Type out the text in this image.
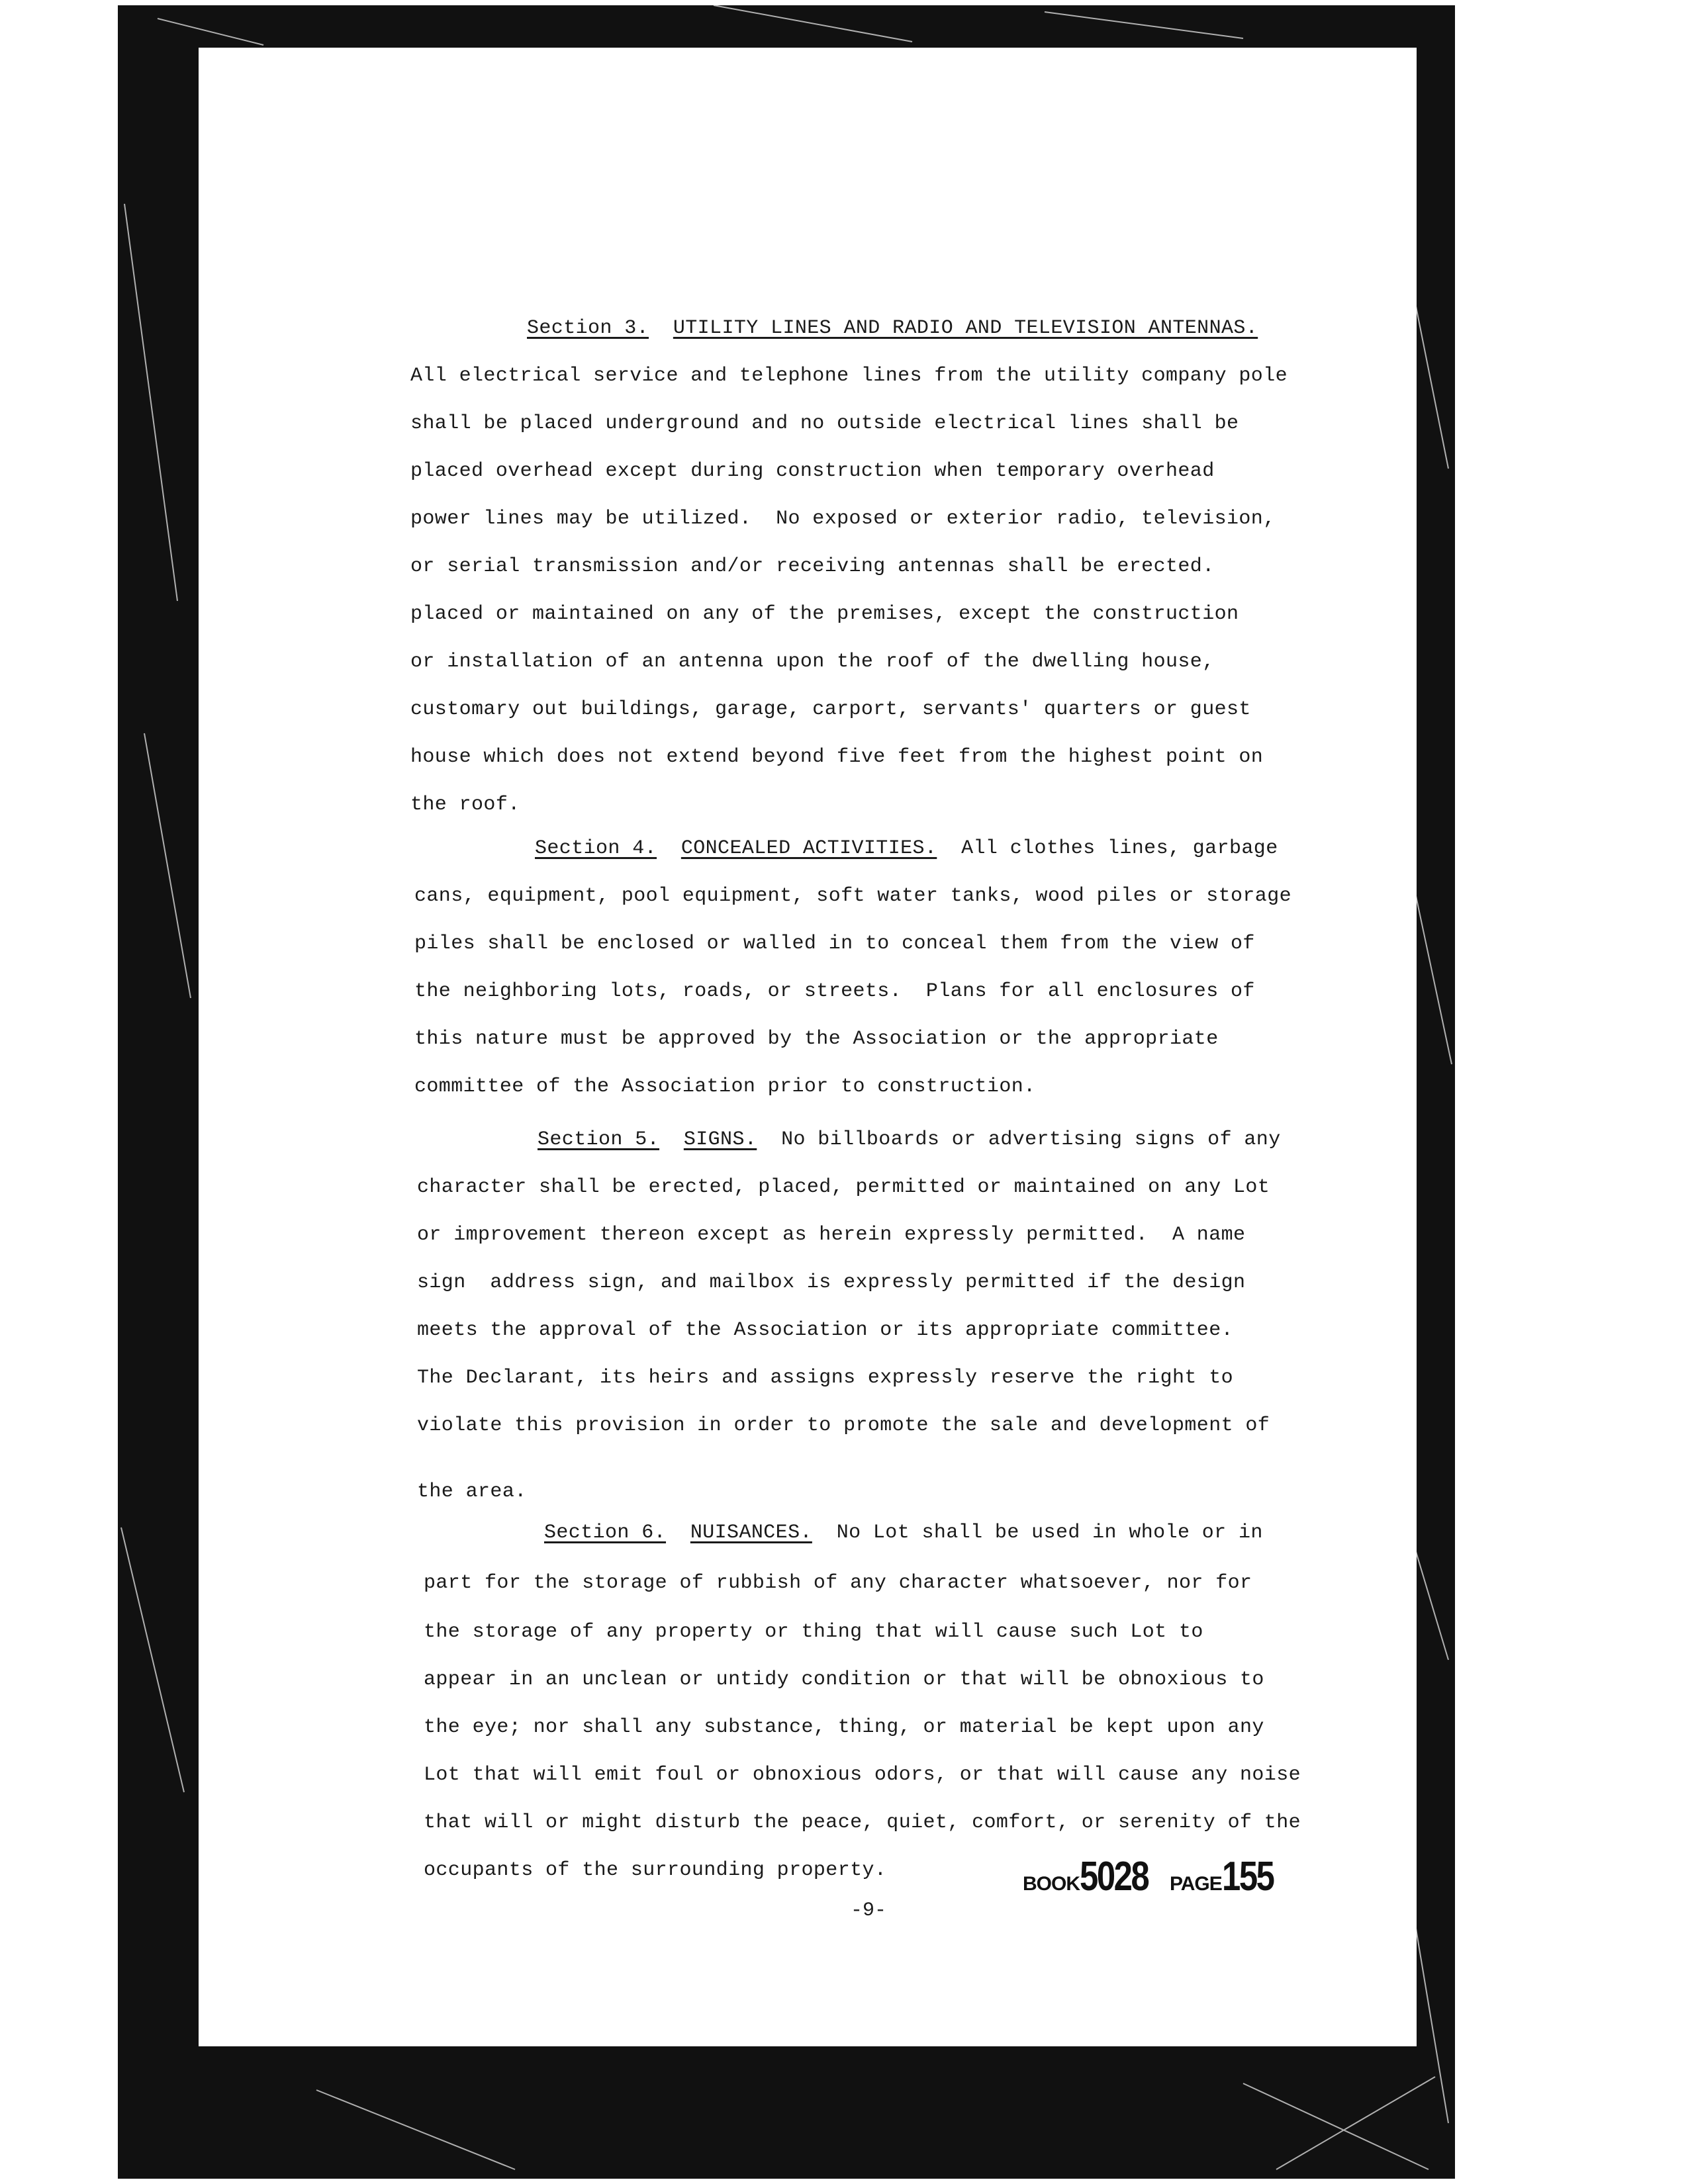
Section 3. UTILITY LINES AND RADIO AND TELEVISION ANTENNAS.
All electrical service and telephone lines from the utility company pole
shall be placed underground and no outside electrical lines shall be
placed overhead except during construction when temporary overhead
power lines may be utilized.  No exposed or exterior radio, television,
or serial transmission and/or receiving antennas shall be erected.
placed or maintained on any of the premises, except the construction
or installation of an antenna upon the roof of the dwelling house,
customary out buildings, garage, carport, servants' quarters or guest
house which does not extend beyond five feet from the highest point on
the roof.
Section 4. CONCEALED ACTIVITIES. All clothes lines, garbage
cans, equipment, pool equipment, soft water tanks, wood piles or storage
piles shall be enclosed or walled in to conceal them from the view of
the neighboring lots, roads, or streets.  Plans for all enclosures of
this nature must be approved by the Association or the appropriate
committee of the Association prior to construction.
Section 5. SIGNS. No billboards or advertising signs of any
character shall be erected, placed, permitted or maintained on any Lot
or improvement thereon except as herein expressly permitted.  A name
sign  address sign, and mailbox is expressly permitted if the design
meets the approval of the Association or its appropriate committee.
The Declarant, its heirs and assigns expressly reserve the right to
violate this provision in order to promote the sale and development of
the area.
Section 6. NUISANCES. No Lot shall be used in whole or in
part for the storage of rubbish of any character whatsoever, nor for
the storage of any property or thing that will cause such Lot to
appear in an unclean or untidy condition or that will be obnoxious to
the eye; nor shall any substance, thing, or material be kept upon any
Lot that will emit foul or obnoxious odors, or that will cause any noise
that will or might disturb the peace, quiet, comfort, or serenity of the
occupants of the surrounding property.
-9-
BOOK5028 PAGE155
